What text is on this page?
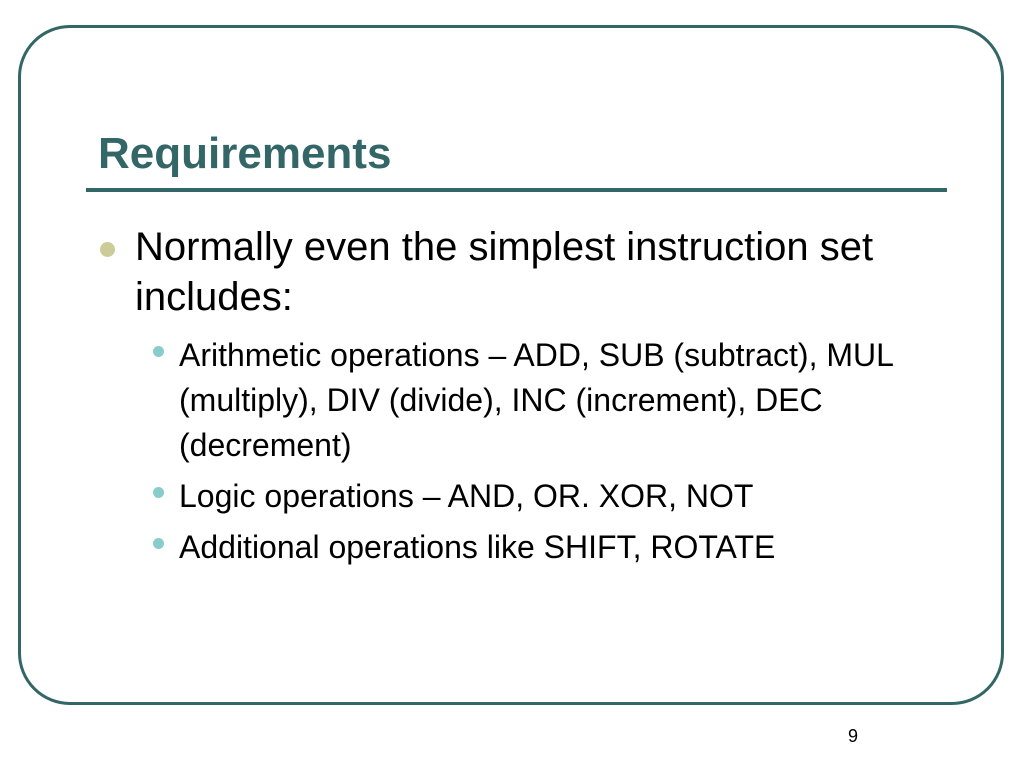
Requirements

Normally even the simplest instruction set includes:

Arithmetic operations – ADD, SUB (subtract), MUL (multiply), DIV (divide), INC (increment), DEC (decrement)

Logic operations – AND, OR. XOR, NOT

Additional operations like SHIFT, ROTATE

9
